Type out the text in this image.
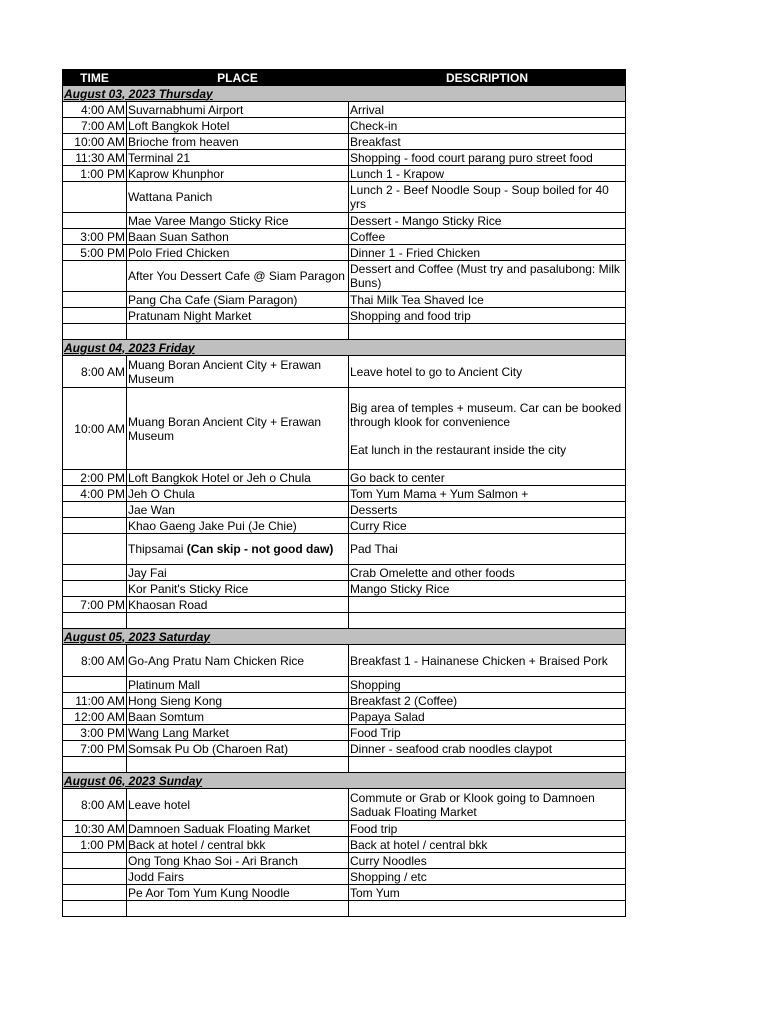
TIME	PLACE	DESCRIPTION
August 03, 2023 Thursday		
4:00 AM	Suvarnabhumi Airport	Arrival
7:00 AM	Loft Bangkok Hotel	Check-in
10:00 AM	Brioche from heaven	Breakfast
11:30 AM	Terminal 21	Shopping - food court parang puro street food
1:00 PM	Kaprow Khunphor	Lunch 1 - Krapow
	Wattana Panich	Lunch 2 - Beef Noodle Soup - Soup boiled for 40 yrs
	Mae Varee Mango Sticky Rice	Dessert - Mango Sticky Rice
3:00 PM	Baan Suan Sathon	Coffee
5:00 PM	Polo Fried Chicken	Dinner 1 - Fried Chicken
	After You Dessert Cafe @ Siam Paragon	Dessert and Coffee (Must try and pasalubong: Milk Buns)
	Pang Cha Cafe (Siam Paragon)	Thai Milk Tea Shaved Ice
	Pratunam Night Market	Shopping and food trip

August 04, 2023 Friday		
8:00 AM	Muang Boran Ancient City + Erawan Museum	Leave hotel to go to Ancient City
10:00 AM	Muang Boran Ancient City + Erawan Museum	Big area of temples + museum. Car can be booked through klook for convenience
Eat lunch in the restaurant inside the city

2:00 PM	Loft Bangkok Hotel or Jeh o Chula	Go back to center
4:00 PM	Jeh O Chula	Tom Yum Mama + Yum Salmon +
	Jae Wan	Desserts
	Khao Gaeng Jake Pui (Je Chie)	Curry Rice
	Thipsamai (Can skip - not good daw)	Pad Thai
	Jay Fai	Crab Omelette and other foods
	Kor Panit's Sticky Rice	Mango Sticky Rice
7:00 PM	Khaosan Road	

August 05, 2023 Saturday		
8:00 AM	Go-Ang Pratu Nam Chicken Rice	Breakfast 1 - Hainanese Chicken + Braised Pork
	Platinum Mall	Shopping
11:00 AM	Hong Sieng Kong	Breakfast 2 (Coffee)
12:00 AM	Baan Somtum	Papaya Salad
3:00 PM	Wang Lang Market	Food Trip
7:00 PM	Somsak Pu Ob (Charoen Rat)	Dinner - seafood crab noodles claypot

August 06, 2023 Sunday		
8:00 AM	Leave hotel	Commute or Grab or Klook going to Damnoen Saduak Floating Market
10:30 AM	Damnoen Saduak Floating Market	Food trip
1:00 PM	Back at hotel / central bkk	Back at hotel / central bkk
	Ong Tong Khao Soi - Ari Branch	Curry Noodles
	Jodd Fairs	Shopping / etc
	Pe Aor Tom Yum Kung Noodle	Tom Yum
